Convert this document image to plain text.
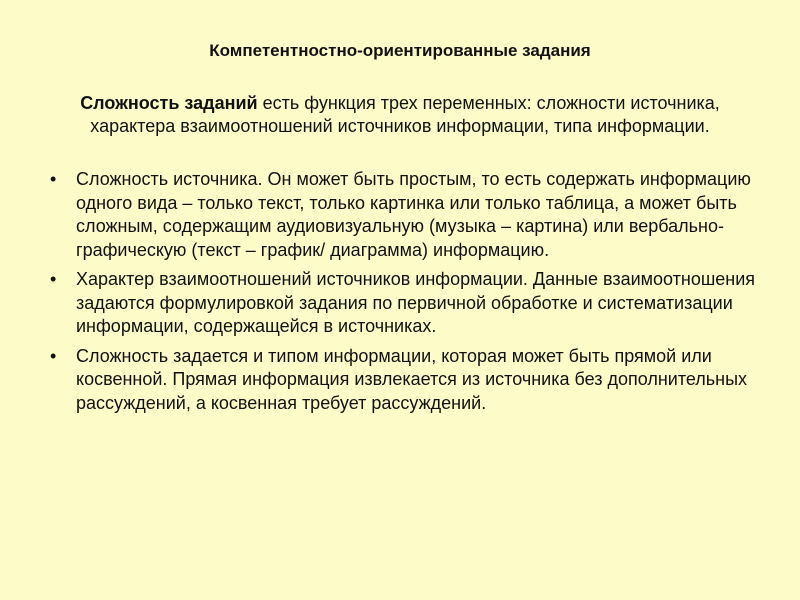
Компетентностно-ориентированные задания
Сложность заданий есть функция трех переменных: сложности источника, характера взаимоотношений источников информации, типа информации.
• Сложность источника. Он может быть простым, то есть содержать информацию одного вида – только текст, только картинка или только таблица, а может быть сложным, содержащим аудиовизуальную (музыка – картина) или вербально-графическую (текст – график/ диаграмма) информацию.
• Характер взаимоотношений источников информации. Данные взаимоотношения задаются формулировкой задания по первичной обработке и систематизации информации, содержащейся в источниках.
• Сложность задается и типом информации, которая может быть прямой или косвенной. Прямая информация извлекается из источника без дополнительных рассуждений, а косвенная требует рассуждений.
